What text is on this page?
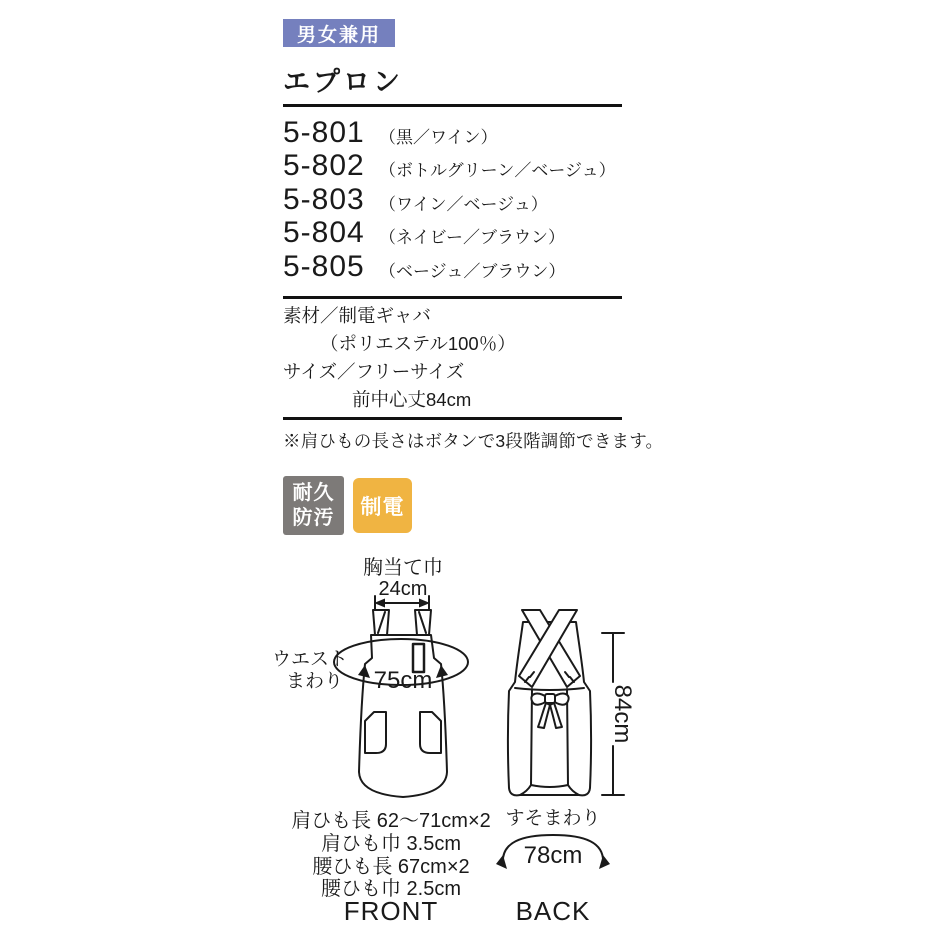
男女兼用
エプロン
5-801 （黒／ワイン）
5-802 （ボトルグリーン／ベージュ）
5-803 （ワイン／ベージュ）
5-804 （ネイビー／ブラウン）
5-805 （ベージュ／ブラウン）
素材／制電ギャバ
（ポリエステル100％）
サイズ／フリーサイズ
前中心丈84cm
※肩ひもの長さはボタンで3段階調節できます。
耐久
防汚	制電
胸当て巾
24cm
ウエスト
まわり 75cm
肩ひも長 62〜71cm×2
肩ひも巾 3.5cm
腰ひも長 67cm×2
腰ひも巾 2.5cm
FRONT
84cm
すそまわり
78cm
BACK
